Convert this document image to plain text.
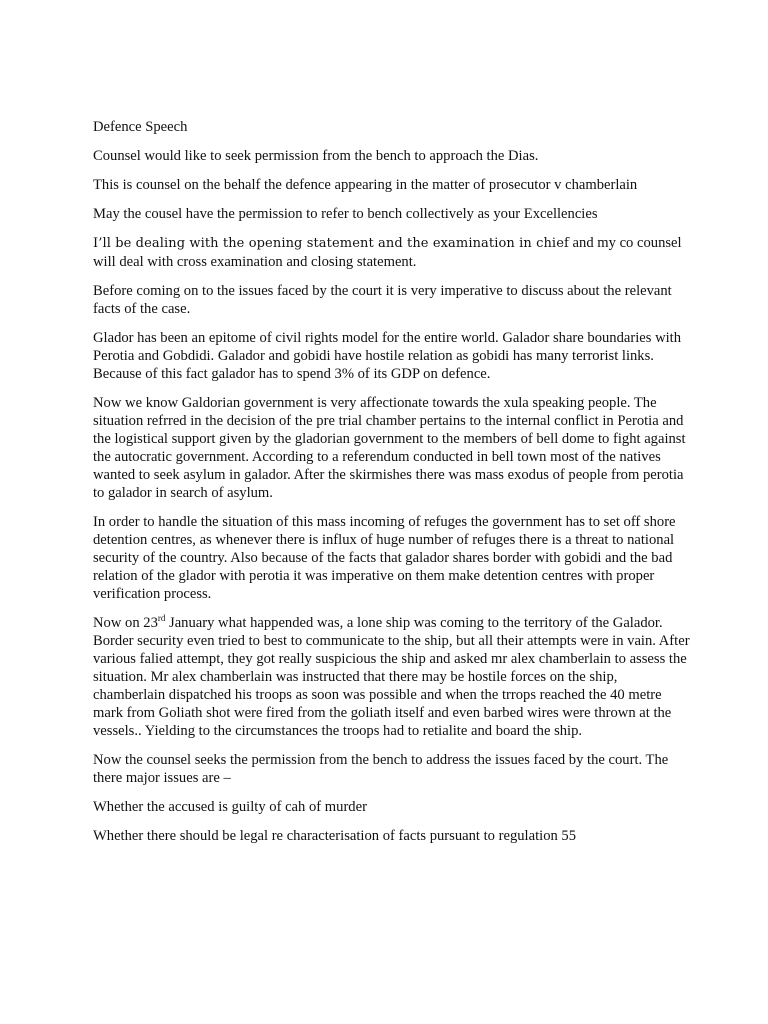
Defence Speech

Counsel would like to seek permission from the bench to approach the Dias.

This is counsel on the behalf the defence appearing in the matter of prosecutor v chamberlain

May the cousel have the permission to refer to bench collectively as your Excellencies

I’ll be dealing with the opening statement and the examination in chief and my co counsel will deal with cross examination and closing statement.

Before coming on to the issues faced by the court it is very imperative to discuss about the relevant facts of the case.

Glador has been an epitome of civil rights model for the entire world. Galador share boundaries with Perotia and Gobdidi. Galador and gobidi have hostile relation as gobidi has many terrorist links. Because of this fact galador has to spend 3% of its GDP on defence.

Now we know Galdorian government is very affectionate towards the xula speaking people. The situation refrred in the decision of the pre trial chamber pertains to the internal conflict in Perotia and the logistical support given by the gladorian government to the members of bell dome to fight against the autocratic government. According to a referendum conducted in bell town most of the natives wanted to seek asylum in galador. After the skirmishes there was mass exodus of people from perotia to galador in search of asylum.

In order to handle the situation of this mass incoming of refuges the government has to set off shore detention centres, as whenever there is influx of huge number of refuges there is a threat to national security of the country. Also because of the facts that galador shares border with gobidi and the bad relation of the glador with perotia it was imperative on them make detention centres with proper verification process.

Now on 23rd January what happended was, a lone ship was coming to the territory of the Galador. Border security even tried to best to communicate to the ship, but all their attempts were in vain. After various falied attempt, they got really suspicious the ship and asked mr alex chamberlain to assess the situation. Mr alex chamberlain was instructed that there may be hostile forces on the ship, chamberlain dispatched his troops as soon was possible and when the trrops reached the 40 metre mark from Goliath shot were fired from the goliath itself and even barbed wires were thrown at the vessels.. Yielding to the circumstances the troops had to retialite and board the ship.

Now the counsel seeks the permission from the bench to address the issues faced by the court. The there major issues are –

Whether the accused is guilty of cah of murder

Whether there should be legal re characterisation of facts pursuant to regulation 55
